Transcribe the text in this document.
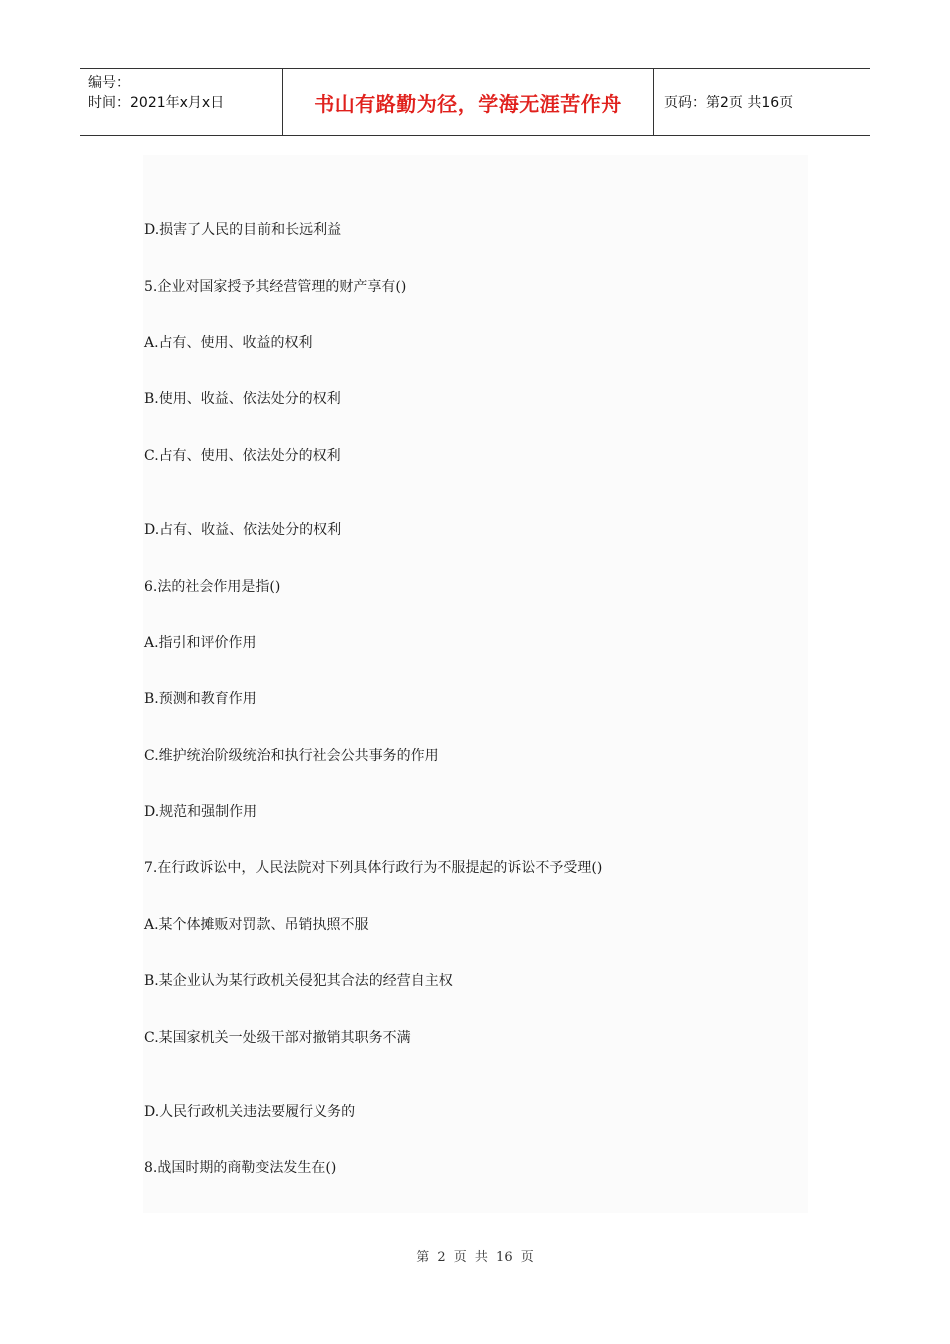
编号：
时间：2021年x月x日	书山有路勤为径，学海无涯苦作舟	页码：第2页 共16页
D.损害了人民的目前和长远利益
5.企业对国家授予其经营管理的财产享有()
A.占有、使用、收益的权利
B.使用、收益、依法处分的权利
C.占有、使用、依法处分的权利
D.占有、收益、依法处分的权利
6.法的社会作用是指()
A.指引和评价作用
B.预测和教育作用
C.维护统治阶级统治和执行社会公共事务的作用
D.规范和强制作用
7.在行政诉讼中，人民法院对下列具体行政行为不服提起的诉讼不予受理()
A.某个体摊贩对罚款、吊销执照不服
B.某企业认为某行政机关侵犯其合法的经营自主权
C.某国家机关一处级干部对撤销其职务不满
D.人民行政机关违法要履行义务的
8.战国时期的商勒变法发生在()
第 2 页 共 16 页
